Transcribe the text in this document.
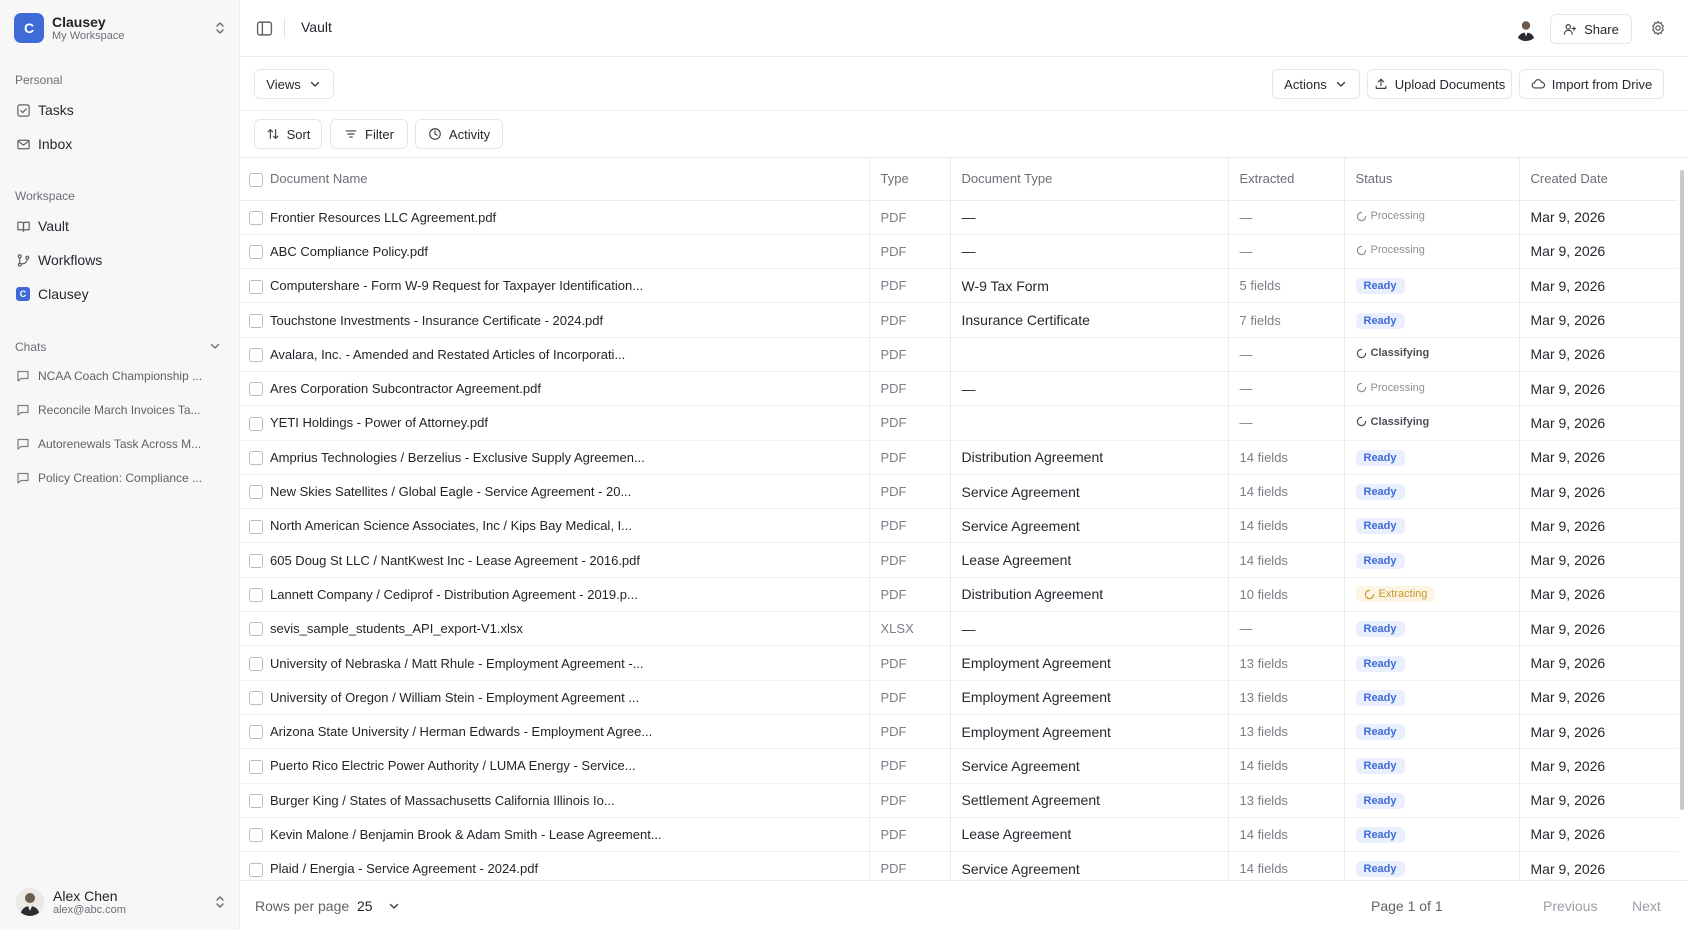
C	Clausey
My Workspace
Personal
Tasks
Inbox
Workspace
Vault
Workflows
C Clausey
Chats
NCAA Coach Championship ...
Reconcile March Invoices Ta...
Autorenewals Task Across M...
Policy Creation: Compliance ...
Alex Chen
alex@abc.com
Vault	Share
Views	Actions	Upload Documents	Import from Drive
Sort	Filter	Activity
	Document Name	Type	Document Type	Extracted	Status	Created Date
	Frontier Resources LLC Agreement.pdf	PDF	—	—	Processing	Mar 9, 2026
	ABC Compliance Policy.pdf	PDF	—	—	Processing	Mar 9, 2026
	Computershare - Form W-9 Request for Taxpayer Identification...	PDF	W-9 Tax Form	5 fields	Ready	Mar 9, 2026
	Touchstone Investments - Insurance Certificate - 2024.pdf	PDF	Insurance Certificate	7 fields	Ready	Mar 9, 2026
	Avalara, Inc. - Amended and Restated Articles of Incorporati...	PDF		—	Classifying	Mar 9, 2026
	Ares Corporation Subcontractor Agreement.pdf	PDF	—	—	Processing	Mar 9, 2026
	YETI Holdings - Power of Attorney.pdf	PDF		—	Classifying	Mar 9, 2026
	Amprius Technologies / Berzelius - Exclusive Supply Agreemen...	PDF	Distribution Agreement	14 fields	Ready	Mar 9, 2026
	New Skies Satellites / Global Eagle - Service Agreement - 20...	PDF	Service Agreement	14 fields	Ready	Mar 9, 2026
	North American Science Associates, Inc / Kips Bay Medical, I...	PDF	Service Agreement	14 fields	Ready	Mar 9, 2026
	605 Doug St LLC / NantKwest Inc - Lease Agreement - 2016.pdf	PDF	Lease Agreement	14 fields	Ready	Mar 9, 2026
	Lannett Company / Cediprof - Distribution Agreement - 2019.p...	PDF	Distribution Agreement	10 fields	Extracting	Mar 9, 2026
	sevis_sample_students_API_export-V1.xlsx	XLSX	—	—	Ready	Mar 9, 2026
	University of Nebraska / Matt Rhule - Employment Agreement -...	PDF	Employment Agreement	13 fields	Ready	Mar 9, 2026
	University of Oregon / William Stein - Employment Agreement ...	PDF	Employment Agreement	13 fields	Ready	Mar 9, 2026
	Arizona State University / Herman Edwards - Employment Agree...	PDF	Employment Agreement	13 fields	Ready	Mar 9, 2026
	Puerto Rico Electric Power Authority / LUMA Energy - Service...	PDF	Service Agreement	14 fields	Ready	Mar 9, 2026
	Burger King / States of Massachusetts California Illinois Io...	PDF	Settlement Agreement	13 fields	Ready	Mar 9, 2026
	Kevin Malone / Benjamin Brook & Adam Smith - Lease Agreement...	PDF	Lease Agreement	14 fields	Ready	Mar 9, 2026
	Plaid / Energia - Service Agreement - 2024.pdf	PDF	Service Agreement	14 fields	Ready	Mar 9, 2026
Rows per page 25	Page 1 of 1	Previous Next
